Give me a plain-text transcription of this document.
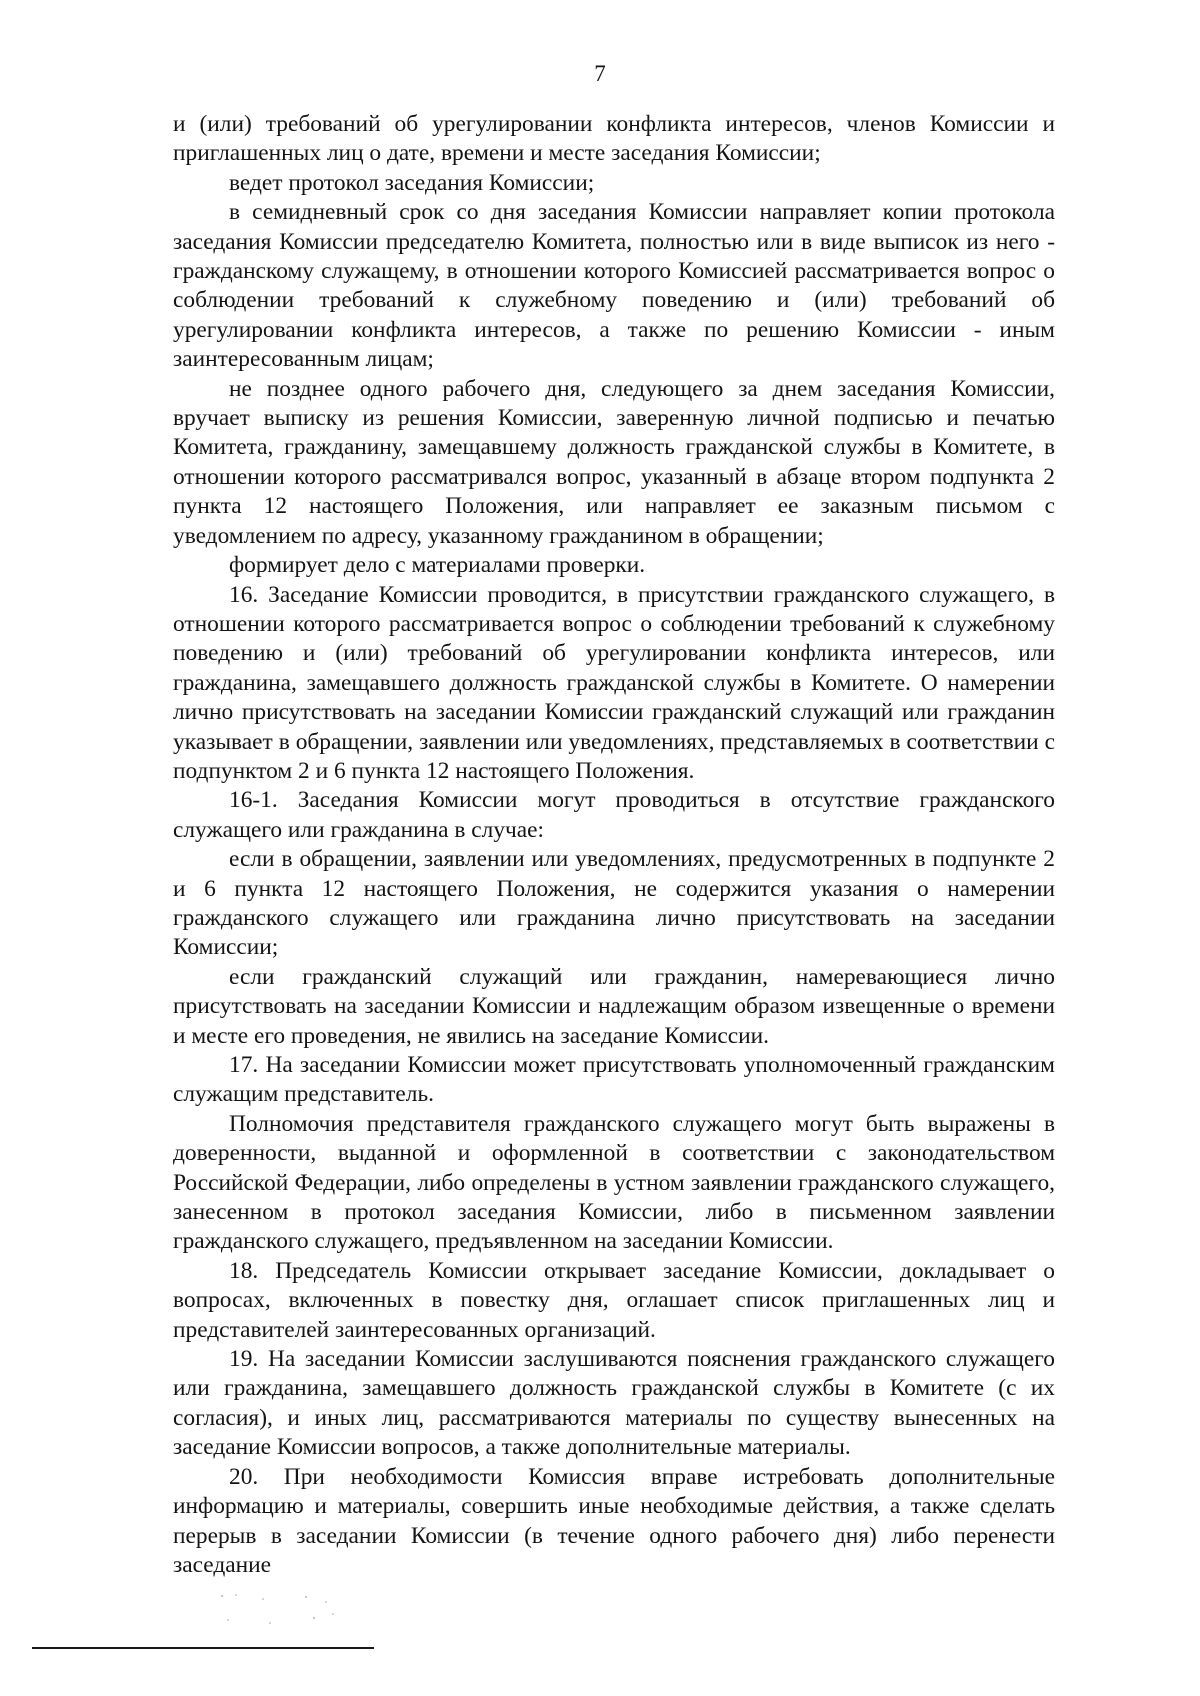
7

и (или) требований об урегулировании конфликта интересов, членов Комиссии и приглашенных лиц о дате, времени и месте заседания Комиссии;

ведет протокол заседания Комиссии;

в семидневный срок со дня заседания Комиссии направляет копии протокола заседания Комиссии председателю Комитета, полностью или в виде выписок из него - гражданскому служащему, в отношении которого Комиссией рассматривается вопрос о соблюдении требований к служебному поведению и (или) требований об урегулировании конфликта интересов, а также по решению Комиссии - иным заинтересованным лицам;

не позднее одного рабочего дня, следующего за днем заседания Комиссии, вручает выписку из решения Комиссии, заверенную личной подписью и печатью Комитета, гражданину, замещавшему должность гражданской службы в Комитете, в отношении которого рассматривался вопрос, указанный в абзаце втором подпункта 2 пункта 12 настоящего Положения, или направляет ее заказным письмом с уведомлением по адресу, указанному гражданином в обращении;

формирует дело с материалами проверки.

16. Заседание Комиссии проводится, в присутствии гражданского служащего, в отношении которого рассматривается вопрос о соблюдении требований к служебному поведению и (или) требований об урегулировании конфликта интересов, или гражданина, замещавшего должность гражданской службы в Комитете. О намерении лично присутствовать на заседании Комиссии гражданский служащий или гражданин указывает в обращении, заявлении или уведомлениях, представляемых в соответствии с подпунктом 2 и 6 пункта 12 настоящего Положения.

16-1. Заседания Комиссии могут проводиться в отсутствие гражданского служащего или гражданина в случае:

если в обращении, заявлении или уведомлениях, предусмотренных в подпункте 2 и 6 пункта 12 настоящего Положения, не содержится указания о намерении гражданского служащего или гражданина лично присутствовать на заседании Комиссии;

если гражданский служащий или гражданин, намеревающиеся лично присутствовать на заседании Комиссии и надлежащим образом извещенные о времени и месте его проведения, не явились на заседание Комиссии.

17. На заседании Комиссии может присутствовать уполномоченный гражданским служащим представитель.

Полномочия представителя гражданского служащего могут быть выражены в доверенности, выданной и оформленной в соответствии с законодательством Российской Федерации, либо определены в устном заявлении гражданского служащего, занесенном в протокол заседания Комиссии, либо в письменном заявлении гражданского служащего, предъявленном на заседании Комиссии.

18. Председатель Комиссии открывает заседание Комиссии, докладывает о вопросах, включенных в повестку дня, оглашает список приглашенных лиц и представителей заинтересованных организаций.

19. На заседании Комиссии заслушиваются пояснения гражданского служащего или гражданина, замещавшего должность гражданской службы в Комитете (с их согласия), и иных лиц, рассматриваются материалы по существу вынесенных на заседание Комиссии вопросов, а также дополнительные материалы.

20. При необходимости Комиссия вправе истребовать дополнительные информацию и материалы, совершить иные необходимые действия, а также сделать перерыв в заседании Комиссии (в течение одного рабочего дня) либо перенести заседание
